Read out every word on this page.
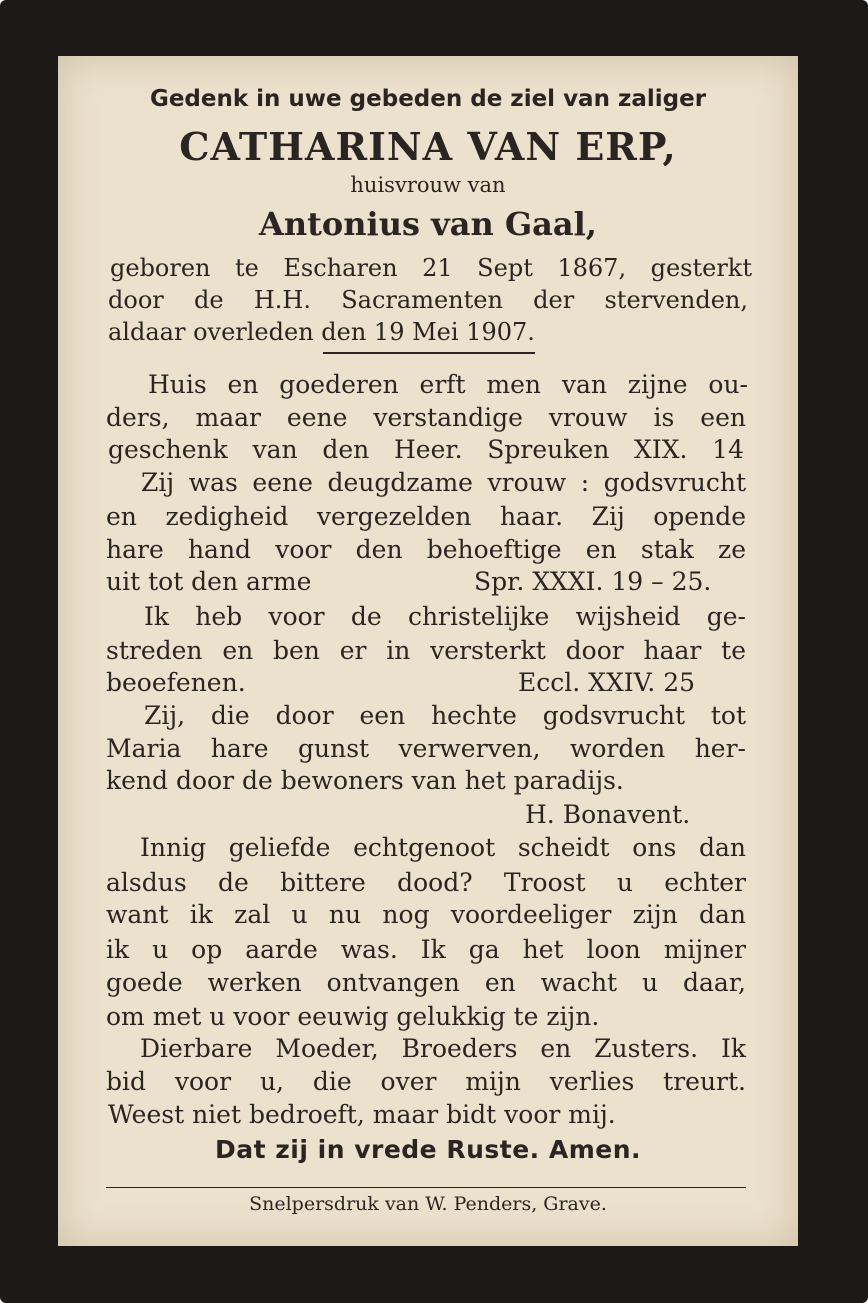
Gedenk in uwe gebeden de ziel van zaliger
CATHARINA VAN ERP,
huisvrouw van
Antonius van Gaal,
geboren te Escharen 21 Sept 1867, gesterkt
door de H.H. Sacramenten der stervenden,
aldaar overleden den 19 Mei 1907.
Huis en goederen erft men van zijne ou-
ders, maar eene verstandige vrouw is een
geschenk van den Heer. Spreuken XIX. 14
Zij was eene deugdzame vrouw : godsvrucht
en zedigheid vergezelden haar. Zij opende
hare hand voor den behoeftige en stak ze
uit tot den arme	Spr. XXXI. 19 – 25.
Ik heb voor de christelijke wijsheid ge-
streden en ben er in versterkt door haar te
beoefenen.	Eccl. XXIV. 25
Zij, die door een hechte godsvrucht tot
Maria hare gunst verwerven, worden her-
kend door de bewoners van het paradijs.
H. Bonavent.
Innig geliefde echtgenoot scheidt ons dan
alsdus de bittere dood? Troost u echter
want ik zal u nu nog voordeeliger zijn dan
ik u op aarde was. Ik ga het loon mijner
goede werken ontvangen en wacht u daar,
om met u voor eeuwig gelukkig te zijn.
Dierbare Moeder, Broeders en Zusters. Ik
bid voor u, die over mijn verlies treurt.
Weest niet bedroeft, maar bidt voor mij.
Dat zij in vrede Ruste. Amen.
Snelpersdruk van W. Penders, Grave.
